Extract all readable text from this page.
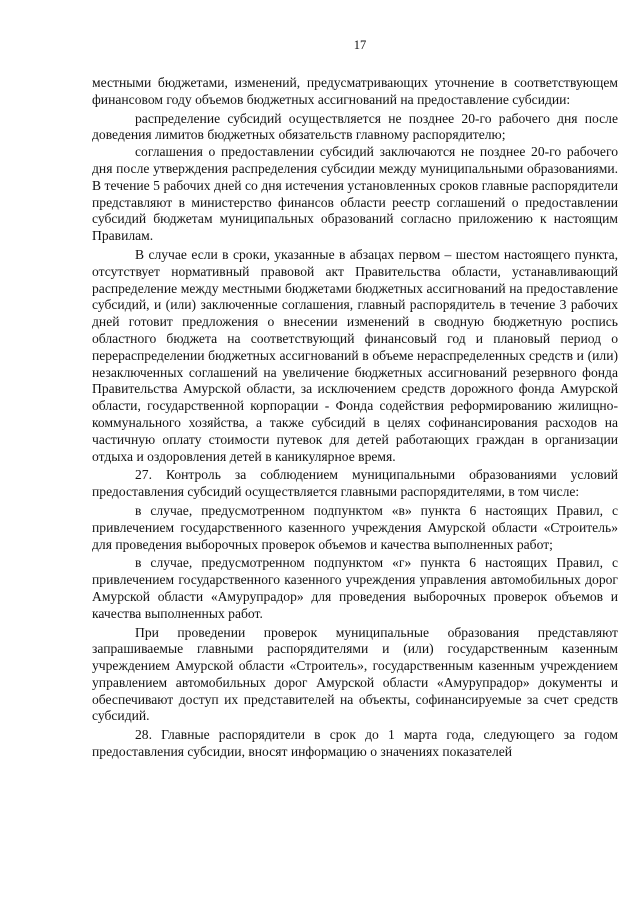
17

местными бюджетами, изменений, предусматривающих уточнение в соответствующем финансовом году объемов бюджетных ассигнований на предоставление субсидии:

распределение субсидий осуществляется не позднее 20-го рабочего дня после доведения лимитов бюджетных обязательств главному распорядителю;

соглашения о предоставлении субсидий заключаются не позднее 20-го рабочего дня после утверждения распределения субсидии между муниципальными образованиями. В течение 5 рабочих дней со дня истечения установленных сроков главные распорядители представляют в министерство финансов области реестр соглашений о предоставлении субсидий бюджетам муниципальных образований согласно приложению к настоящим Правилам.

В случае если в сроки, указанные в абзацах первом – шестом настоящего пункта, отсутствует нормативный правовой акт Правительства области, устанавливающий распределение между местными бюджетами бюджетных ассигнований на предоставление субсидий, и (или) заключенные соглашения, главный распорядитель в течение 3 рабочих дней готовит предложения о внесении изменений в сводную бюджетную роспись областного бюджета на соответствующий финансовый год и плановый период о перераспределении бюджетных ассигнований в объеме нераспределенных средств и (или) незаключенных соглашений на увеличение бюджетных ассигнований резервного фонда Правительства Амурской области, за исключением средств дорожного фонда Амурской области, государственной корпорации - Фонда содействия реформированию жилищно-коммунального хозяйства, а также субсидий в целях софинансирования расходов на частичную оплату стоимости путевок для детей работающих граждан в организации отдыха и оздоровления детей в каникулярное время.

27. Контроль за соблюдением муниципальными образованиями условий предоставления субсидий осуществляется главными распорядителями, в том числе:

в случае, предусмотренном подпунктом «в» пункта 6 настоящих Правил, с привлечением государственного казенного учреждения Амурской области «Строитель» для проведения выборочных проверок объемов и качества выполненных работ;

в случае, предусмотренном подпунктом «г» пункта 6 настоящих Правил, с привлечением государственного казенного учреждения управления автомобильных дорог Амурской области «Амурупрадор» для проведения выборочных проверок объемов и качества выполненных работ.

При проведении проверок муниципальные образования представляют запрашиваемые главными распорядителями и (или) государственным казенным учреждением Амурской области «Строитель», государственным казенным учреждением управлением автомобильных дорог Амурской области «Амурупрадор» документы и обеспечивают доступ их представителей на объекты, софинансируемые за счет средств субсидий.

28. Главные распорядители в срок до 1 марта года, следующего за годом предоставления субсидии, вносят информацию о значениях показателей
